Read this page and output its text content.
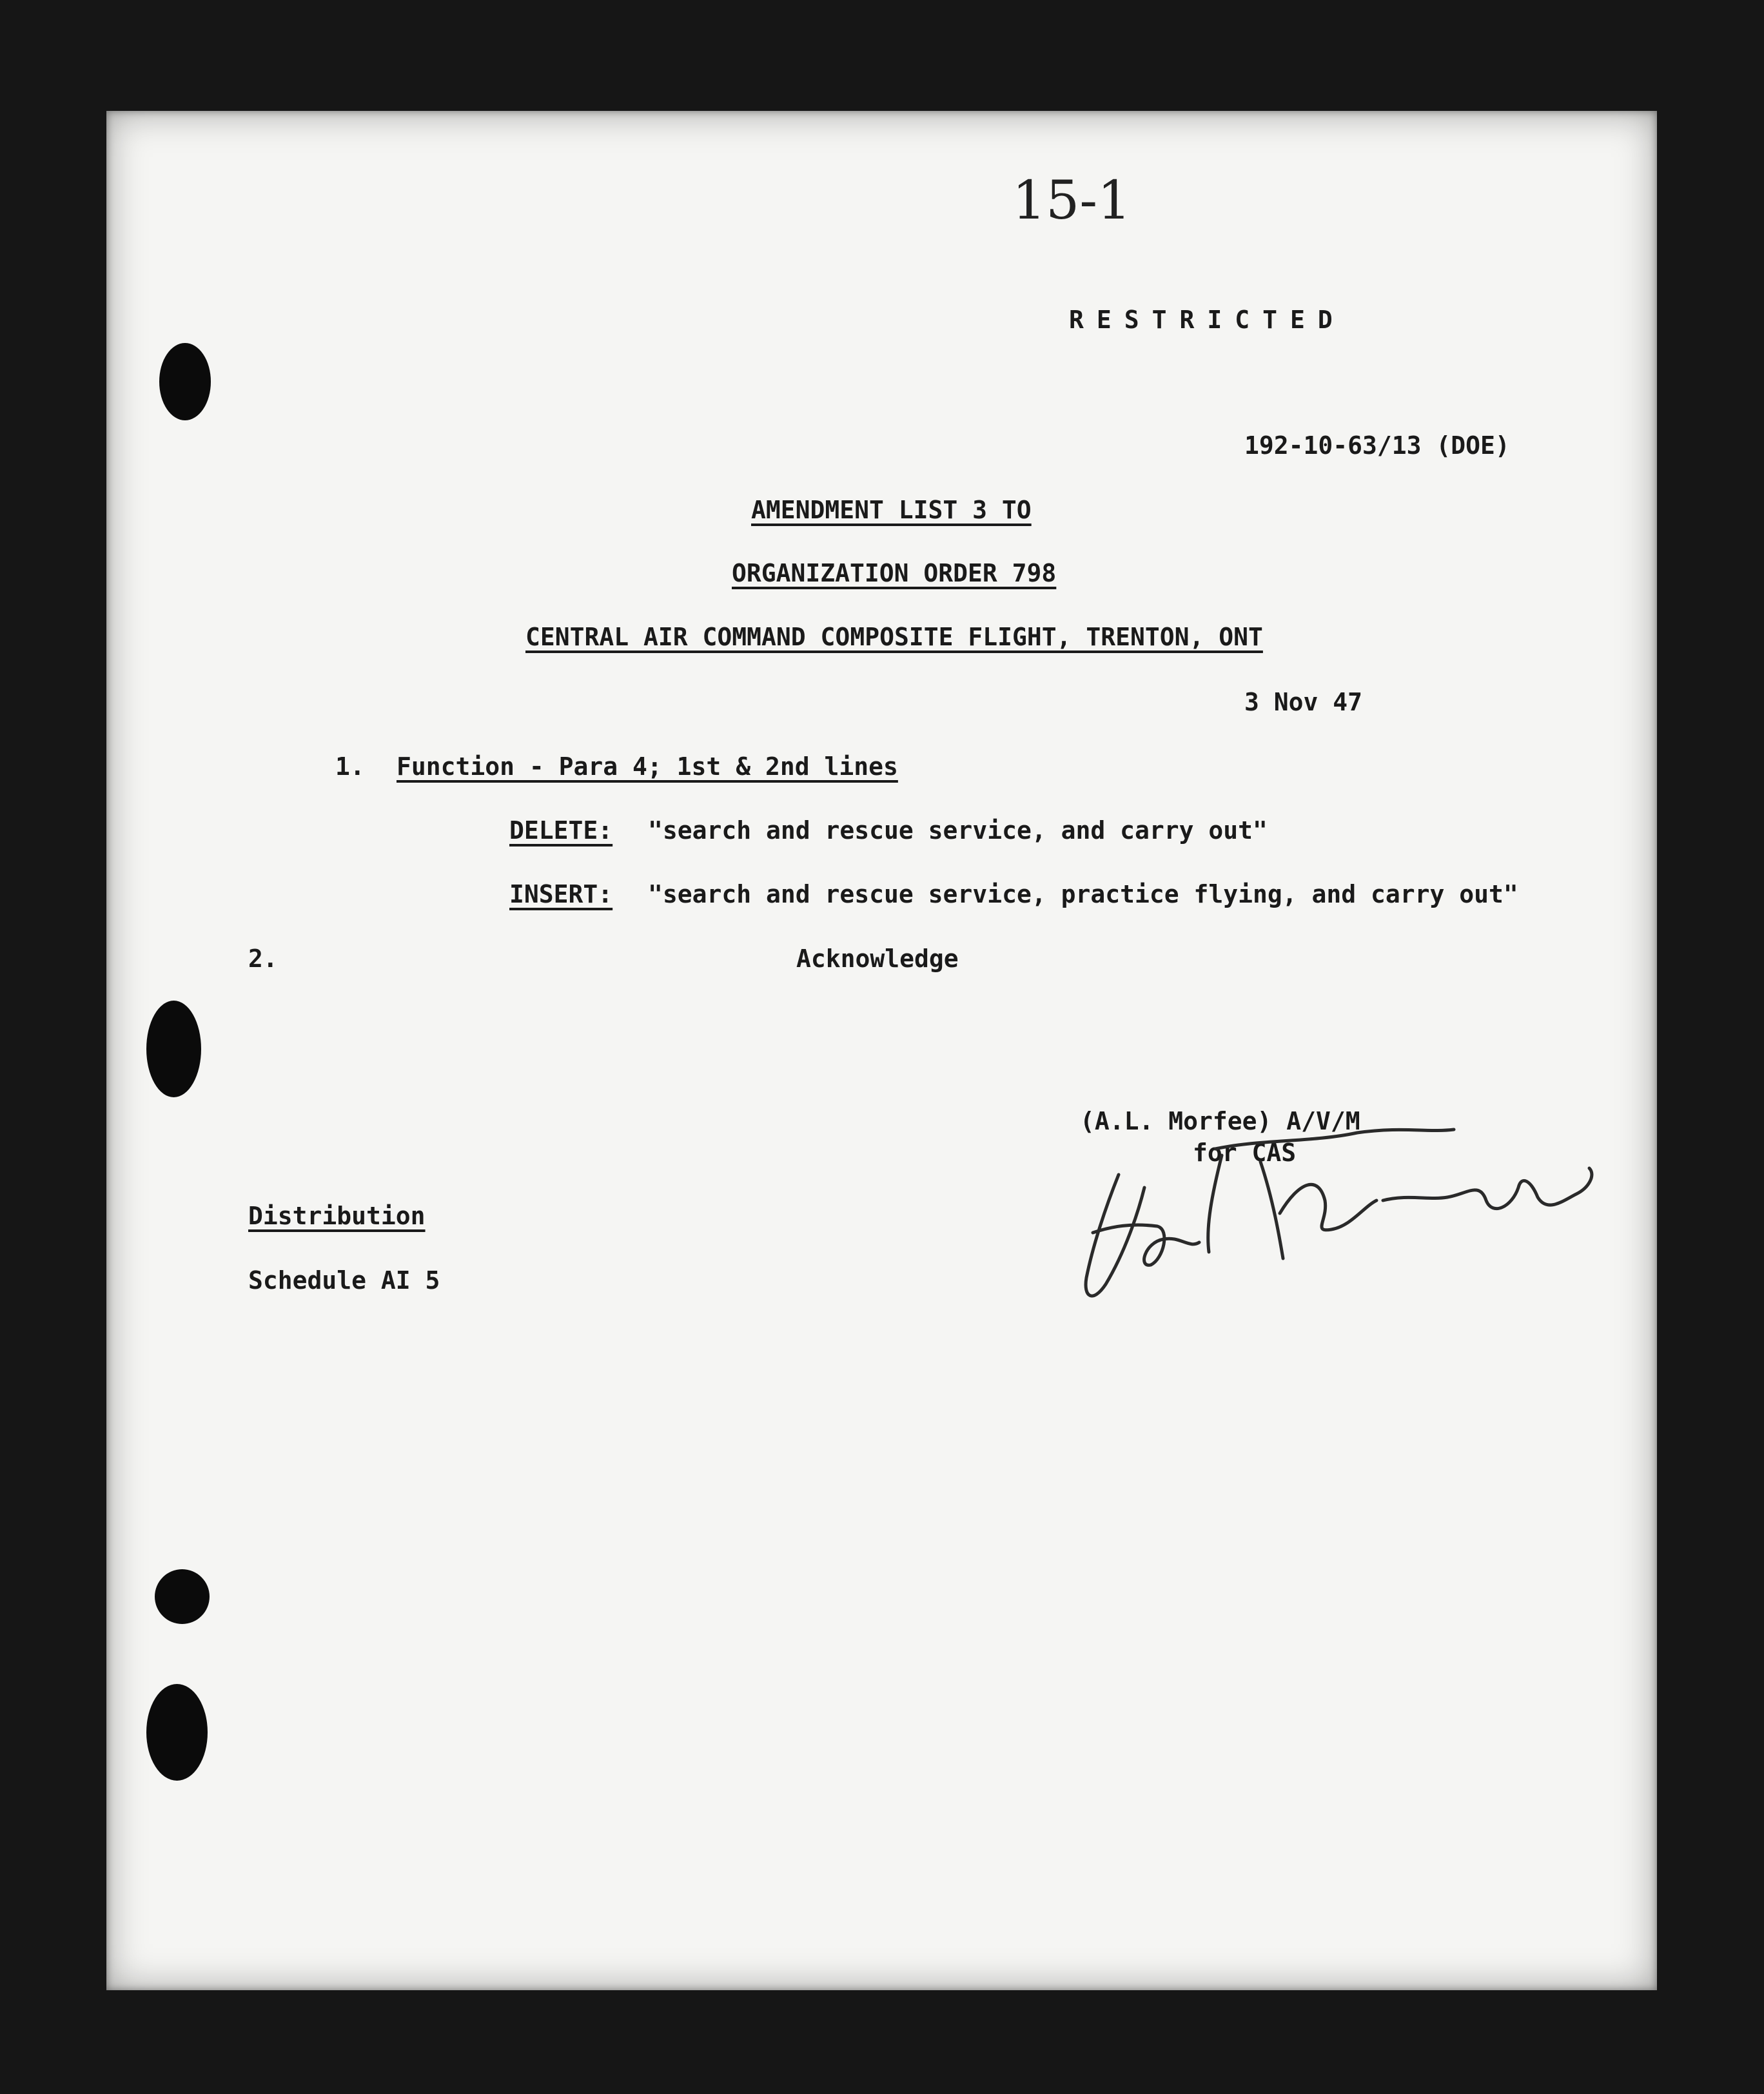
15-1
RESTRICTED
192-10-63/13 (DOE)
AMENDMENT LIST 3 TO
ORGANIZATION ORDER 798
CENTRAL AIR COMMAND COMPOSITE FLIGHT, TRENTON, ONT
3 Nov 47
1. Function - Para 4; 1st & 2nd lines
DELETE: "search and rescue service, and carry out"
INSERT: "search and rescue service, practice flying, and carry out"
2.	Acknowledge
(A.L. Morfee) A/V/M
for CAS
Distribution
Schedule AI 5
